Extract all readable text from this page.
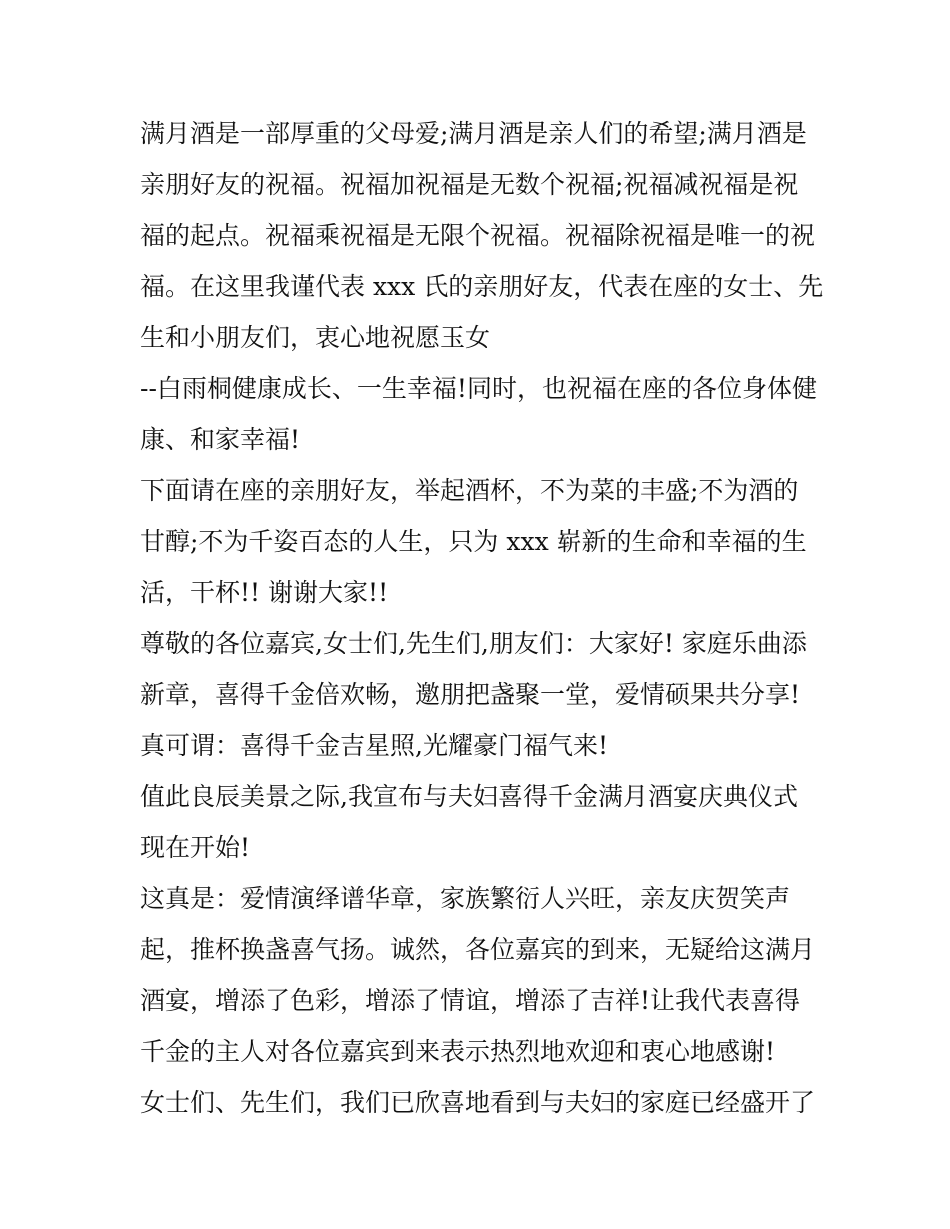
满月酒是一部厚重的父母爱;满月酒是亲人们的希望;满月酒是
亲朋好友的祝福。祝福加祝福是无数个祝福;祝福减祝福是祝
福的起点。祝福乘祝福是无限个祝福。祝福除祝福是唯一的祝
福。在这里我谨代表 xxx 氏的亲朋好友，代表在座的女士、先
生和小朋友们，衷心地祝愿玉女
--白雨桐健康成长、一生幸福!同时，也祝福在座的各位身体健
康、和家幸福!
下面请在座的亲朋好友，举起酒杯，不为菜的丰盛;不为酒的
甘醇;不为千姿百态的人生，只为 xxx 崭新的生命和幸福的生
活，干杯!! 谢谢大家!!
尊敬的各位嘉宾,女士们,先生们,朋友们：大家好! 家庭乐曲添
新章，喜得千金倍欢畅，邀朋把盏聚一堂，爱情硕果共分享!
真可谓：喜得千金吉星照,光耀豪门福气来!
值此良辰美景之际,我宣布与夫妇喜得千金满月酒宴庆典仪式
现在开始!
这真是：爱情演绎谱华章，家族繁衍人兴旺，亲友庆贺笑声
起，推杯换盏喜气扬。诚然，各位嘉宾的到来，无疑给这满月
酒宴，增添了色彩，增添了情谊，增添了吉祥!让我代表喜得
千金的主人对各位嘉宾到来表示热烈地欢迎和衷心地感谢!
女士们、先生们，我们已欣喜地看到与夫妇的家庭已经盛开了
